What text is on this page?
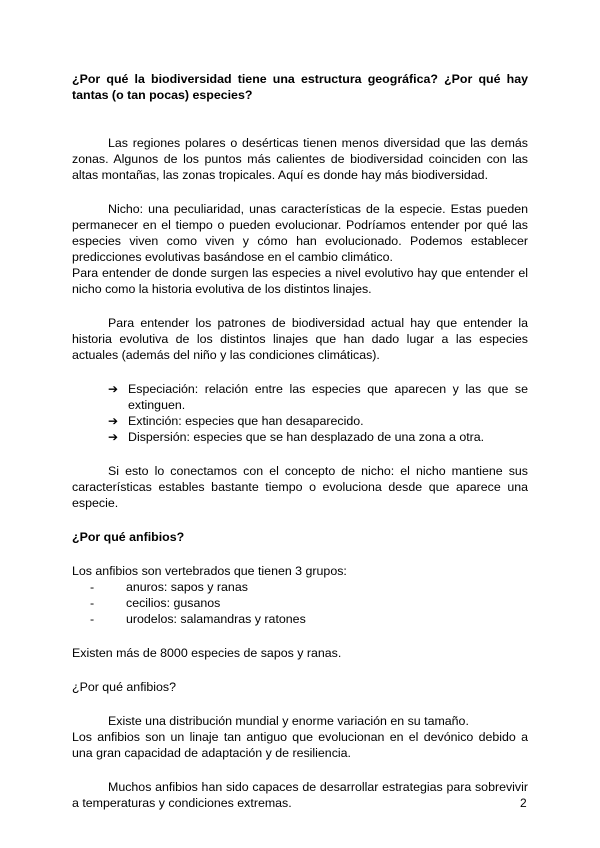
¿Por qué la biodiversidad tiene una estructura geográfica? ¿Por qué hay tantas (o tan pocas) especies?

Las regiones polares o desérticas tienen menos diversidad que las demás zonas. Algunos de los puntos más calientes de biodiversidad coinciden con las altas montañas, las zonas tropicales. Aquí es donde hay más biodiversidad.

Nicho: una peculiaridad, unas características de la especie. Estas pueden permanecer en el tiempo o pueden evolucionar. Podríamos entender por qué las especies viven como viven y cómo han evolucionado. Podemos establecer predicciones evolutivas basándose en el cambio climático.

Para entender de donde surgen las especies a nivel evolutivo hay que entender el nicho como la historia evolutiva de los distintos linajes.

Para entender los patrones de biodiversidad actual hay que entender la historia evolutiva de los distintos linajes que han dado lugar a las especies actuales (además del niño y las condiciones climáticas).

➔ Especiación: relación entre las especies que aparecen y las que se extinguen.
➔ Extinción: especies que han desaparecido.
➔ Dispersión: especies que se han desplazado de una zona a otra.

Si esto lo conectamos con el concepto de nicho: el nicho mantiene sus características estables bastante tiempo o evoluciona desde que aparece una especie.

¿Por qué anfibios?

Los anfibios son vertebrados que tienen 3 grupos:

-	anuros: sapos y ranas
-	cecilios: gusanos
-	urodelos: salamandras y ratones

Existen más de 8000 especies de sapos y ranas.

¿Por qué anfibios?

Existe una distribución mundial y enorme variación en su tamaño.

Los anfibios son un linaje tan antiguo que evolucionan en el devónico debido a una gran capacidad de adaptación y de resiliencia.

Muchos anfibios han sido capaces de desarrollar estrategias para sobrevivir a temperaturas y condiciones extremas.	2
